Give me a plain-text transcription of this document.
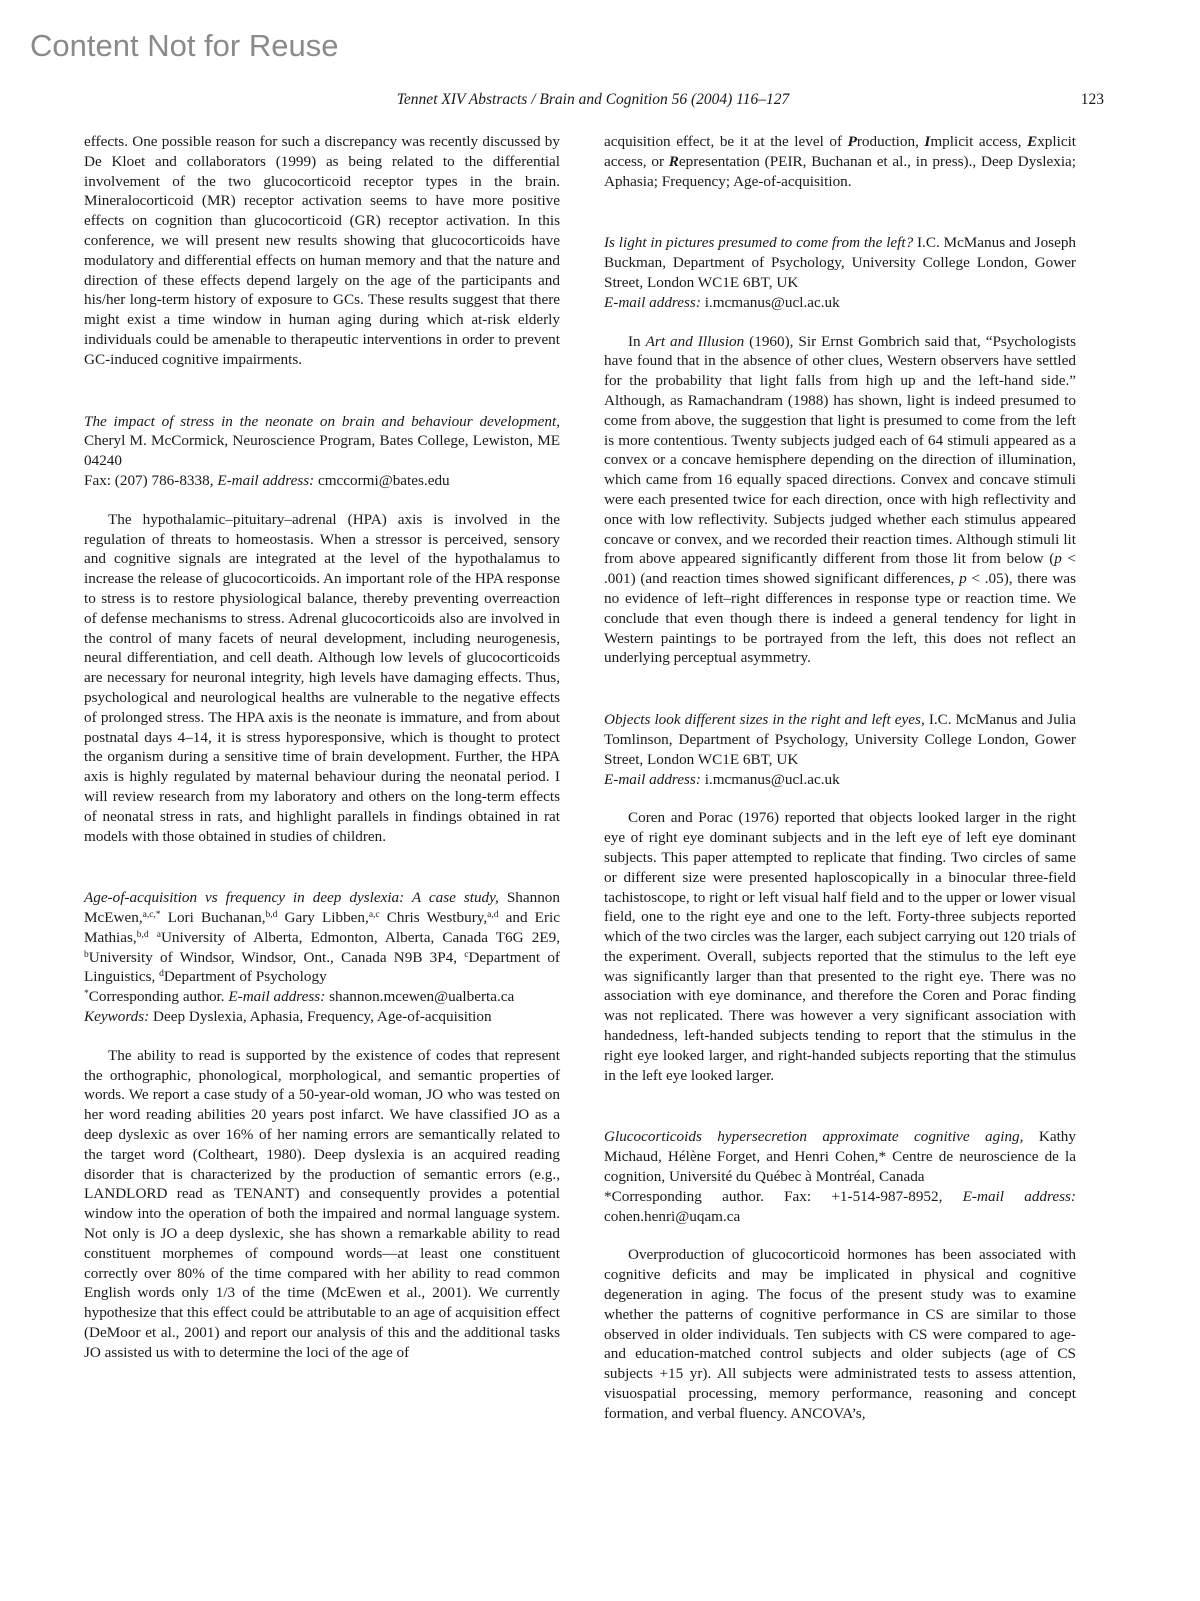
Content Not for Reuse
Tennet XIV Abstracts / Brain and Cognition 56 (2004) 116–127	123

effects. One possible reason for such a discrepancy was recently discussed by De Kloet and collaborators (1999) as being related to the differential involvement of the two glucocorticoid receptor types in the brain. Mineralocorticoid (MR) receptor activation seems to have more positive effects on cognition than glucocorticoid (GR) receptor activation. In this conference, we will present new results showing that glucocorticoids have modulatory and differential effects on human memory and that the nature and direction of these effects depend largely on the age of the participants and his/her long-term history of exposure to GCs. These results suggest that there might exist a time window in human aging during which at-risk elderly individuals could be amenable to therapeutic interventions in order to prevent GC-induced cognitive impairments.

The impact of stress in the neonate on brain and behaviour development, Cheryl M. McCormick, Neuroscience Program, Bates College, Lewiston, ME 04240
Fax: (207) 786-8338, E-mail address: cmccormi@bates.edu

The hypothalamic–pituitary–adrenal (HPA) axis is involved in the regulation of threats to homeostasis. When a stressor is perceived, sensory and cognitive signals are integrated at the level of the hypothalamus to increase the release of glucocorticoids. An important role of the HPA response to stress is to restore physiological balance, thereby preventing overreaction of defense mechanisms to stress. Adrenal glucocorticoids also are involved in the control of many facets of neural development, including neurogenesis, neural differentiation, and cell death. Although low levels of glucocorticoids are necessary for neuronal integrity, high levels have damaging effects. Thus, psychological and neurological healths are vulnerable to the negative effects of prolonged stress. The HPA axis is the neonate is immature, and from about postnatal days 4–14, it is stress hyporesponsive, which is thought to protect the organism during a sensitive time of brain development. Further, the HPA axis is highly regulated by maternal behaviour during the neonatal period. I will review research from my laboratory and others on the long-term effects of neonatal stress in rats, and highlight parallels in findings obtained in rat models with those obtained in studies of children.

Age-of-acquisition vs frequency in deep dyslexia: A case study, Shannon McEwen,$^{a,c,*}$ Lori Buchanan,$^{b,d}$ Gary Libben,$^{a,c}$ Chris Westbury,$^{a,d}$ and Eric Mathias,$^{b,d}$ $^a$University of Alberta, Edmonton, Alberta, Canada T6G 2E9, $^b$University of Windsor, Windsor, Ont., Canada N9B 3P4, $^c$Department of Linguistics, $^d$Department of Psychology
*Corresponding author. E-mail address: shannon.mcewen@ualberta.ca
Keywords: Deep Dyslexia, Aphasia, Frequency, Age-of-acquisition

The ability to read is supported by the existence of codes that represent the orthographic, phonological, morphological, and semantic properties of words. We report a case study of a 50-year-old woman, JO who was tested on her word reading abilities 20 years post infarct. We have classified JO as a deep dyslexic as over 16% of her naming errors are semantically related to the target word (Coltheart, 1980). Deep dyslexia is an acquired reading disorder that is characterized by the production of semantic errors (e.g., LANDLORD read as TENANT) and consequently provides a potential window into the operation of both the impaired and normal language system. Not only is JO a deep dyslexic, she has shown a remarkable ability to read constituent morphemes of compound words—at least one constituent correctly over 80% of the time compared with her ability to read common English words only 1/3 of the time (McEwen et al., 2001). We currently hypothesize that this effect could be attributable to an age of acquisition effect (DeMoor et al., 2001) and report our analysis of this and the additional tasks JO assisted us with to determine the loci of the age of

acquisition effect, be it at the level of Production, Implicit access, Explicit access, or Representation (PEIR, Buchanan et al., in press)., Deep Dyslexia; Aphasia; Frequency; Age-of-acquisition.

Is light in pictures presumed to come from the left? I.C. McManus and Joseph Buckman, Department of Psychology, University College London, Gower Street, London WC1E 6BT, UK
E-mail address: i.mcmanus@ucl.ac.uk

In Art and Illusion (1960), Sir Ernst Gombrich said that, “Psychologists have found that in the absence of other clues, Western observers have settled for the probability that light falls from high up and the left-hand side.” Although, as Ramachandram (1988) has shown, light is indeed presumed to come from above, the suggestion that light is presumed to come from the left is more contentious. Twenty subjects judged each of 64 stimuli appeared as a convex or a concave hemisphere depending on the direction of illumination, which came from 16 equally spaced directions. Convex and concave stimuli were each presented twice for each direction, once with high reflectivity and once with low reflectivity. Subjects judged whether each stimulus appeared concave or convex, and we recorded their reaction times. Although stimuli lit from above appeared significantly different from those lit from below (p < .001) (and reaction times showed significant differences, p < .05), there was no evidence of left–right differences in response type or reaction time. We conclude that even though there is indeed a general tendency for light in Western paintings to be portrayed from the left, this does not reflect an underlying perceptual asymmetry.

Objects look different sizes in the right and left eyes, I.C. McManus and Julia Tomlinson, Department of Psychology, University College London, Gower Street, London WC1E 6BT, UK
E-mail address: i.mcmanus@ucl.ac.uk

Coren and Porac (1976) reported that objects looked larger in the right eye of right eye dominant subjects and in the left eye of left eye dominant subjects. This paper attempted to replicate that finding. Two circles of same or different size were presented haploscopically in a binocular three-field tachistoscope, to right or left visual half field and to the upper or lower visual field, one to the right eye and one to the left. Forty-three subjects reported which of the two circles was the larger, each subject carrying out 120 trials of the experiment. Overall, subjects reported that the stimulus to the left eye was significantly larger than that presented to the right eye. There was no association with eye dominance, and therefore the Coren and Porac finding was not replicated. There was however a very significant association with handedness, left-handed subjects tending to report that the stimulus in the right eye looked larger, and right-handed subjects reporting that the stimulus in the left eye looked larger.

Glucocorticoids hypersecretion approximate cognitive aging, Kathy Michaud, Hélène Forget, and Henri Cohen,* Centre de neuroscience de la cognition, Université du Québec à Montréal, Canada
*Corresponding author. Fax: +1-514-987-8952, E-mail address: cohen.henri@uqam.ca

Overproduction of glucocorticoid hormones has been associated with cognitive deficits and may be implicated in physical and cognitive degeneration in aging. The focus of the present study was to examine whether the patterns of cognitive performance in CS are similar to those observed in older individuals. Ten subjects with CS were compared to age- and education-matched control subjects and older subjects (age of CS subjects +15 yr). All subjects were administrated tests to assess attention, visuospatial processing, memory performance, reasoning and concept formation, and verbal fluency. ANCOVA’s,
